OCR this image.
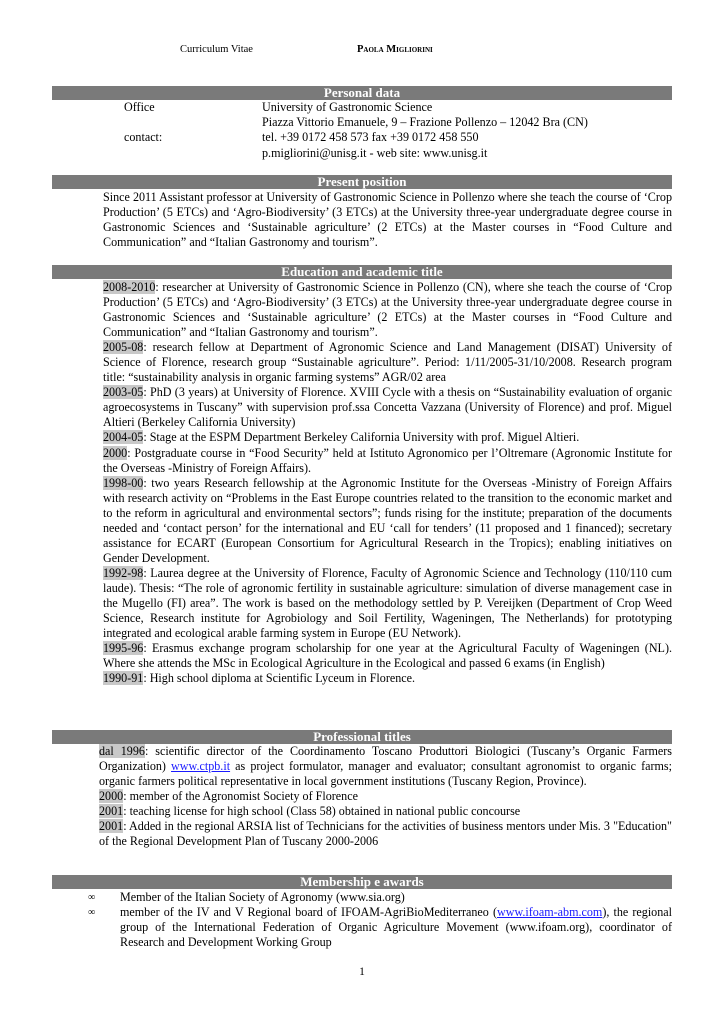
Curriculum Vitae	Paola Migliorini
Personal data
Office	University of Gastronomic Science
Piazza Vittorio Emanuele, 9 – Frazione Pollenzo – 12042 Bra (CN)
contact:	tel. +39 0172 458 573 fax +39 0172 458 550
p.migliorini@unisg.it - web site: www.unisg.it
Present position

Since 2011 Assistant professor at University of Gastronomic Science in Pollenzo where she teach the course of ‘Crop Production’ (5 ETCs) and ‘Agro-Biodiversity’ (3 ETCs) at the University three-year undergraduate degree course in Gastronomic Sciences and ‘Sustainable agriculture’ (2 ETCs) at the Master courses in “Food Culture and Communication” and “Italian Gastronomy and tourism”.

Education and academic title

2008-2010: researcher at University of Gastronomic Science in Pollenzo (CN), where she teach the course of ‘Crop Production’ (5 ETCs) and ‘Agro-Biodiversity’ (3 ETCs) at the University three-year undergraduate degree course in Gastronomic Sciences and ‘Sustainable agriculture’ (2 ETCs) at the Master courses in “Food Culture and Communication” and “Italian Gastronomy and tourism”.

2005-08: research fellow at Department of Agronomic Science and Land Management (DISAT) University of Science of Florence, research group “Sustainable agriculture”. Period: 1/11/2005-31/10/2008. Research program title: “sustainability analysis in organic farming systems” AGR/02 area

2003-05: PhD (3 years) at University of Florence. XVIII Cycle with a thesis on “Sustainability evaluation of organic agroecosystems in Tuscany” with supervision prof.ssa Concetta Vazzana (University of Florence) and prof. Miguel Altieri (Berkeley California University)

2004-05: Stage at the ESPM Department Berkeley California University with prof. Miguel Altieri.

2000: Postgraduate course in “Food Security” held at Istituto Agronomico per l’Oltremare (Agronomic Institute for the Overseas -Ministry of Foreign Affairs).

1998-00: two years Research fellowship at the Agronomic Institute for the Overseas -Ministry of Foreign Affairs with research activity on “Problems in the East Europe countries related to the transition to the economic market and to the reform in agricultural and environmental sectors”; funds rising for the institute; preparation of the documents needed and ‘contact person’ for the international and EU ‘call for tenders’ (11 proposed and 1 financed); secretary assistance for ECART (European Consortium for Agricultural Research in the Tropics); enabling initiatives on Gender Development.

1992-98: Laurea degree at the University of Florence, Faculty of Agronomic Science and Technology (110/110 cum laude). Thesis: “The role of agronomic fertility in sustainable agriculture: simulation of diverse management case in the Mugello (FI) area”. The work is based on the methodology settled by P. Vereijken (Department of Crop Weed Science, Research institute for Agrobiology and Soil Fertility, Wageningen, The Netherlands) for prototyping integrated and ecological arable farming system in Europe (EU Network).

1995-96: Erasmus exchange program scholarship for one year at the Agricultural Faculty of Wageningen (NL). Where she attends the MSc in Ecological Agriculture in the Ecological and passed 6 exams (in English)

1990-91: High school diploma at Scientific Lyceum in Florence.

Professional titles

dal 1996: scientific director of the Coordinamento Toscano Produttori Biologici (Tuscany’s Organic Farmers Organization) www.ctpb.it as project formulator, manager and evaluator; consultant agronomist to organic farms; organic farmers political representative in local government institutions (Tuscany Region, Province).

2000: member of the Agronomist Society of Florence

2001: teaching license for high school (Class 58) obtained in national public concourse

2001: Added in the regional ARSIA list of Technicians for the activities of business mentors under Mis. 3 "Education" of the Regional Development Plan of Tuscany 2000-2006

Membership e awards
∞	Member of the Italian Society of Agronomy (www.sia.org)
∞	member of the IV and V Regional board of IFOAM-AgriBioMediterraneo (www.ifoam-abm.com), the regional group of the International Federation of Organic Agriculture Movement (www.ifoam.org), coordinator of Research and Development Working Group
1
